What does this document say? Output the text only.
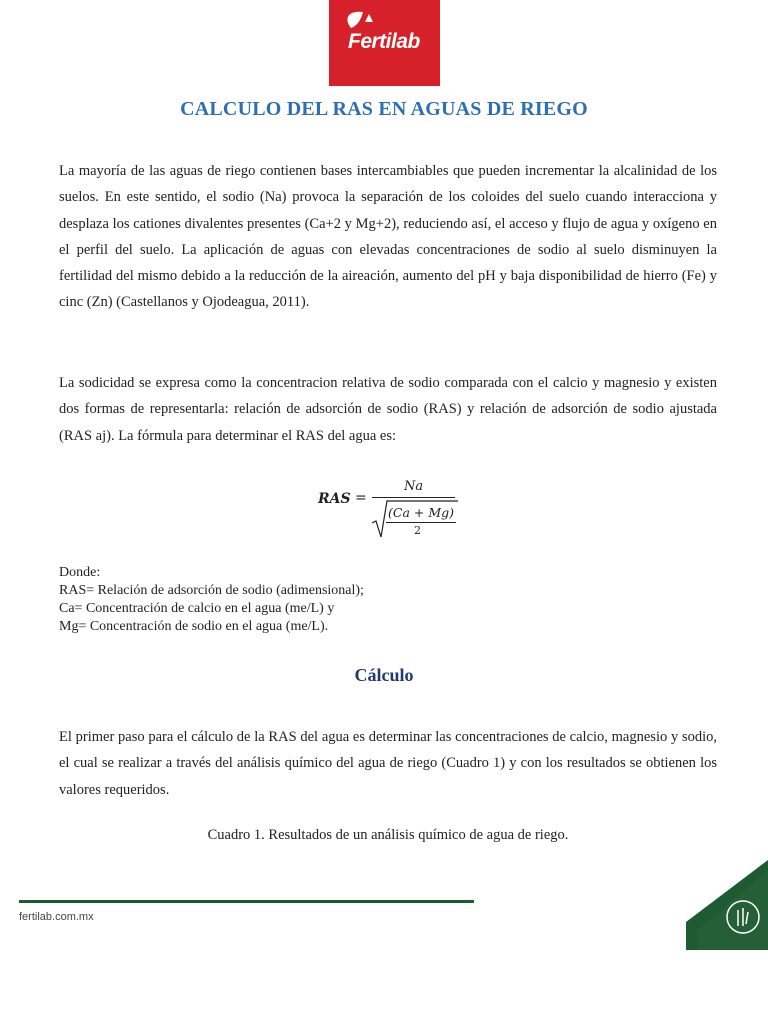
Fertilab
CALCULO DEL RAS EN AGUAS DE RIEGO
La mayoría de las aguas de riego contienen bases intercambiables que pueden incrementar la alcalinidad de los suelos. En este sentido, el sodio (Na) provoca la separación de los coloides del suelo cuando interacciona y desplaza los cationes divalentes presentes (Ca+2 y Mg+2), reduciendo así, el acceso y flujo de agua y oxígeno en el perfil del suelo. La aplicación de aguas con elevadas concentraciones de sodio al suelo disminuyen la fertilidad del mismo debido a la reducción de la aireación, aumento del pH y baja disponibilidad de hierro (Fe) y cinc (Zn) (Castellanos y Ojodeagua, 2011).
La sodicidad se expresa como la concentracion relativa de sodio comparada con el calcio y magnesio y existen dos formas de representarla: relación de adsorción de sodio (RAS) y relación de adsorción de sodio ajustada (RAS aj). La fórmula para determinar el RAS del agua es:
RAS =
Na
(Ca + Mg)
2
Donde:
RAS= Relación de adsorción de sodio (adimensional);
Ca= Concentración de calcio en el agua (me/L) y
Mg= Concentración de sodio en el agua (me/L).
Cálculo
El primer paso para el cálculo de la RAS del agua es determinar las concentraciones de calcio, magnesio y sodio, el cual se realizar a través del análisis químico del agua de riego (Cuadro 1) y con los resultados se obtienen los valores requeridos.
Cuadro 1. Resultados de un análisis químico de agua de riego.
fertilab.com.mx
